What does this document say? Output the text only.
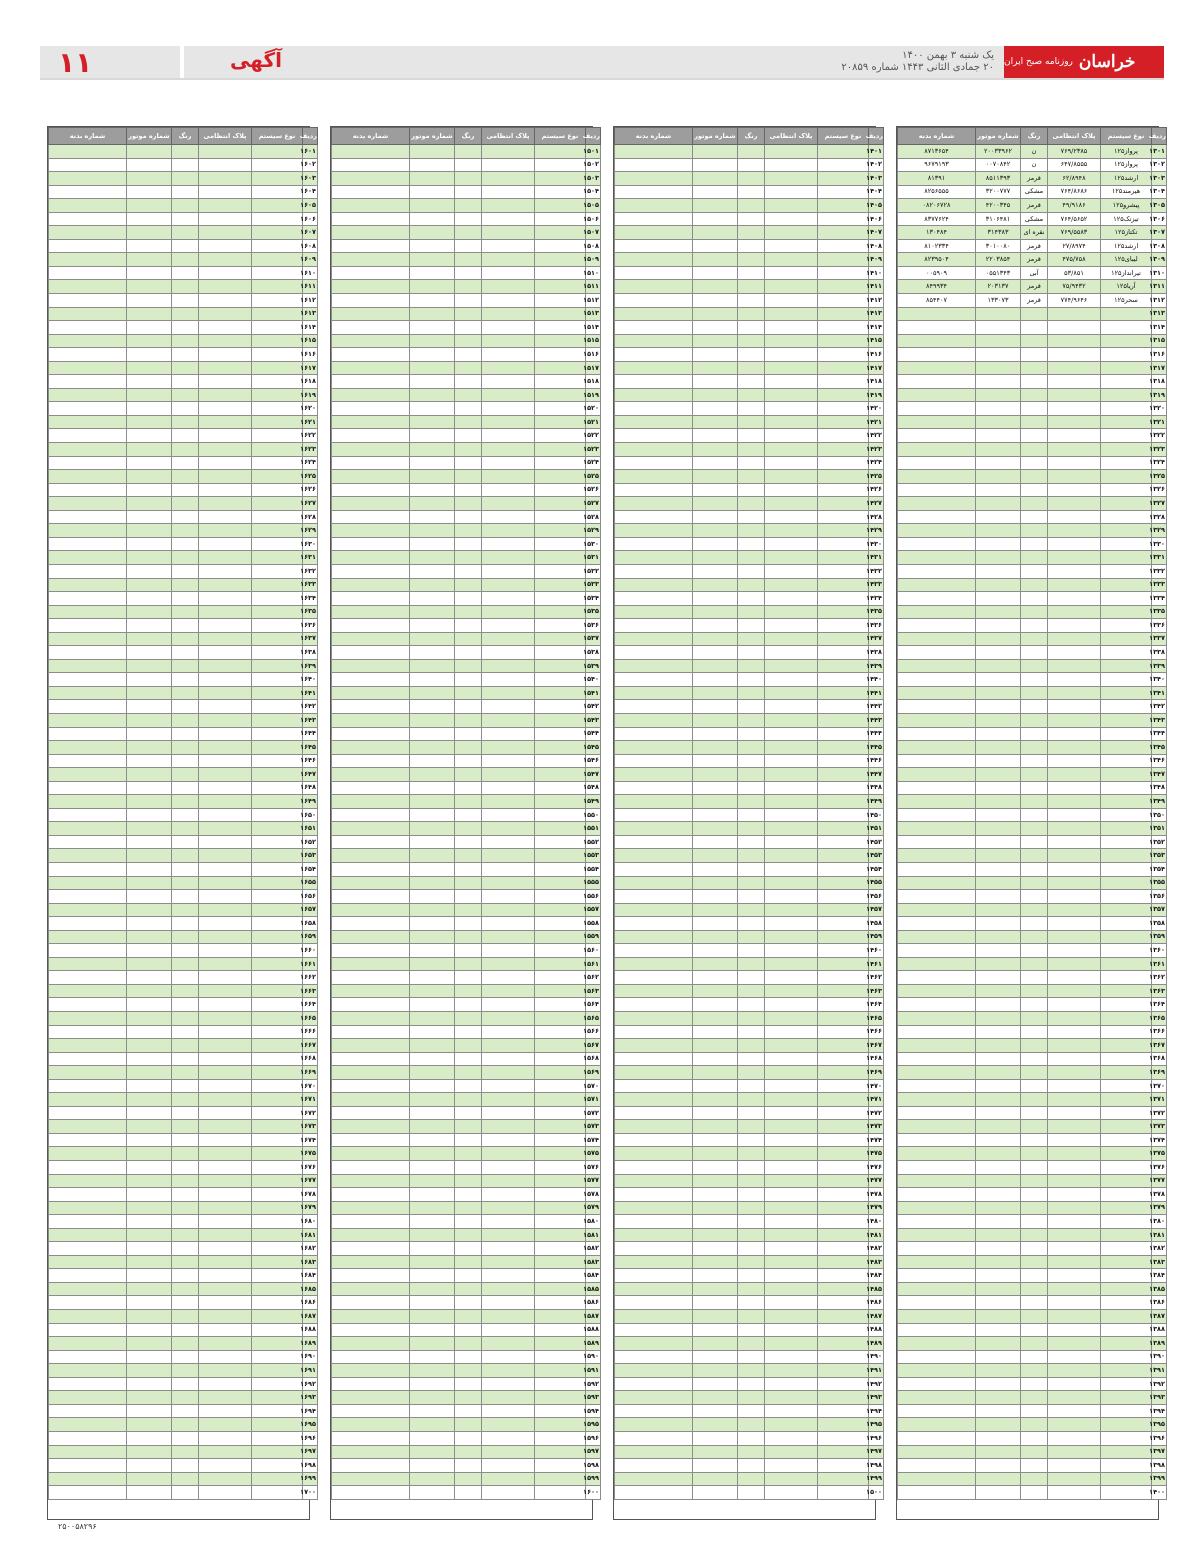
۱۱	آگهی	یک شنبه ۳ بهمن ۱۴۰۰
۲۰ جمادی الثانی ۱۴۴۳ شماره ۲۰۸۵۹	خراسان
روزنامه صبح ایران
ردیف	نوع سیستم	پلاک انتظامی	رنگ	شماره موتور	شماره بدنه
۱۳۰۱	پرواز۱۲۵	۷۶۹/۲۳۸۵	ن	۲۰۰۳۳۹۶۲	۸۷۱۳۶۵۴
۱۳۰۲	پرواز۱۲۵	۶۴۷/۸۵۵۵	ن	۰۰۷۰۸۴۲	۹۶۷۹۱۹۳
۱۳۰۳	ارشد۱۲۵	۶۲/۸۹۴۸	قرمز	۸۵۱۱۳۹۳	۸۱۳۹۱
۱۳۰۴	هیرمند۱۲۵	۷۶۴/۸۶۸۶	مشکی	۳۲۰۰۷۷۷	۸۲۵۶۵۵۵
۱۳۰۵	پیشرو۱۲۵	۴۹/۹۱۸۶	قرمز	۴۲۰۰۳۴۵	۰۸۲۰۶۷۲۸
۱۳۰۶	تیزتک۱۲۵	۷۶۴/۵۶۵۲	مشکی	۳۱۰۶۴۸۱	۸۳۷۷۶۲۴
۱۳۰۷	تکتاز۱۲۵	۷۶۹/۵۵۸۳	نقره ای	۳۱۴۳۸۳	۱۳۰۴۸۴
۱۳۰۸	ارشد۱۲۵	۲۷/۸۹۷۴	قرمز	۳۰۱۰۰۸۰	۸۱۰۲۳۳۴
۱۳۰۹	لیبای۱۲۵	۴۷۵/۷۵۸	قرمز	۲۲۰۳۸۵۴	۸۲۳۹۵۰۴
۱۳۱۰	تیرانداز۱۲۵	۵۳/۸۵۱	آبی	۰۵۵۱۳۴۳	۰۰۵۹۰۹
۱۳۱۱	آریا۱۲۵	۷۵/۹۴۳۲	قرمز	۲۰۳۱۳۷	۸۴۹۹۳۴
۱۳۱۲	سحر۱۲۵	۷۷۴/۹۶۴۶	قرمز	۱۳۳۰۷۳	۸۵۴۴۰۷
۱۳۱۳					
۱۳۱۴					
۱۳۱۵					
۱۳۱۶					
۱۳۱۷					
۱۳۱۸					
۱۳۱۹					
۱۳۲۰					
۱۳۲۱					
۱۳۲۲					
۱۳۲۳					
۱۳۲۴					
۱۳۲۵					
۱۳۲۶					
۱۳۲۷					
۱۳۲۸					
۱۳۲۹					
۱۳۳۰					
۱۳۳۱					
۱۳۳۲					
۱۳۳۳					
۱۳۳۴					
۱۳۳۵					
۱۳۳۶					
۱۳۳۷					
۱۳۳۸					
۱۳۳۹					
۱۳۴۰					
۱۳۴۱					
۱۳۴۲					
۱۳۴۳					
۱۳۴۴					
۱۳۴۵					
۱۳۴۶					
۱۳۴۷					
۱۳۴۸					
۱۳۴۹					
۱۳۵۰					
۱۳۵۱					
۱۳۵۲					
۱۳۵۳					
۱۳۵۴					
۱۳۵۵					
۱۳۵۶					
۱۳۵۷					
۱۳۵۸					
۱۳۵۹					
۱۳۶۰					
۱۳۶۱					
۱۳۶۲					
۱۳۶۳					
۱۳۶۴					
۱۳۶۵					
۱۳۶۶					
۱۳۶۷					
۱۳۶۸					
۱۳۶۹					
۱۳۷۰					
۱۳۷۱					
۱۳۷۲					
۱۳۷۳					
۱۳۷۴					
۱۳۷۵					
۱۳۷۶					
۱۳۷۷					
۱۳۷۸					
۱۳۷۹					
۱۳۸۰					
۱۳۸۱					
۱۳۸۲					
۱۳۸۳					
۱۳۸۴					
۱۳۸۵					
۱۳۸۶					
۱۳۸۷					
۱۳۸۸					
۱۳۸۹					
۱۳۹۰					
۱۳۹۱					
۱۳۹۲					
۱۳۹۳					
۱۳۹۴					
۱۳۹۵					
۱۳۹۶					
۱۳۹۷					
۱۳۹۸					
۱۳۹۹					
۱۴۰۰					
ردیف	نوع سیستم	پلاک انتظامی	رنگ	شماره موتور	شماره بدنه
۱۴۰۱					
۱۴۰۲					
۱۴۰۳					
۱۴۰۴					
۱۴۰۵					
۱۴۰۶					
۱۴۰۷					
۱۴۰۸					
۱۴۰۹					
۱۴۱۰					
۱۴۱۱					
۱۴۱۲					
۱۴۱۳					
۱۴۱۴					
۱۴۱۵					
۱۴۱۶					
۱۴۱۷					
۱۴۱۸					
۱۴۱۹					
۱۴۲۰					
۱۴۲۱					
۱۴۲۲					
۱۴۲۳					
۱۴۲۴					
۱۴۲۵					
۱۴۲۶					
۱۴۲۷					
۱۴۲۸					
۱۴۲۹					
۱۴۳۰					
۱۴۳۱					
۱۴۳۲					
۱۴۳۳					
۱۴۳۴					
۱۴۳۵					
۱۴۳۶					
۱۴۳۷					
۱۴۳۸					
۱۴۳۹					
۱۴۴۰					
۱۴۴۱					
۱۴۴۲					
۱۴۴۳					
۱۴۴۴					
۱۴۴۵					
۱۴۴۶					
۱۴۴۷					
۱۴۴۸					
۱۴۴۹					
۱۴۵۰					
۱۴۵۱					
۱۴۵۲					
۱۴۵۳					
۱۴۵۴					
۱۴۵۵					
۱۴۵۶					
۱۴۵۷					
۱۴۵۸					
۱۴۵۹					
۱۴۶۰					
۱۴۶۱					
۱۴۶۲					
۱۴۶۳					
۱۴۶۴					
۱۴۶۵					
۱۴۶۶					
۱۴۶۷					
۱۴۶۸					
۱۴۶۹					
۱۴۷۰					
۱۴۷۱					
۱۴۷۲					
۱۴۷۳					
۱۴۷۴					
۱۴۷۵					
۱۴۷۶					
۱۴۷۷					
۱۴۷۸					
۱۴۷۹					
۱۴۸۰					
۱۴۸۱					
۱۴۸۲					
۱۴۸۳					
۱۴۸۴					
۱۴۸۵					
۱۴۸۶					
۱۴۸۷					
۱۴۸۸					
۱۴۸۹					
۱۴۹۰					
۱۴۹۱					
۱۴۹۲					
۱۴۹۳					
۱۴۹۴					
۱۴۹۵					
۱۴۹۶					
۱۴۹۷					
۱۴۹۸					
۱۴۹۹					
۱۵۰۰					
ردیف	نوع سیستم	پلاک انتظامی	رنگ	شماره موتور	شماره بدنه
۱۵۰۱					
۱۵۰۲					
۱۵۰۳					
۱۵۰۴					
۱۵۰۵					
۱۵۰۶					
۱۵۰۷					
۱۵۰۸					
۱۵۰۹					
۱۵۱۰					
۱۵۱۱					
۱۵۱۲					
۱۵۱۳					
۱۵۱۴					
۱۵۱۵					
۱۵۱۶					
۱۵۱۷					
۱۵۱۸					
۱۵۱۹					
۱۵۲۰					
۱۵۲۱					
۱۵۲۲					
۱۵۲۳					
۱۵۲۴					
۱۵۲۵					
۱۵۲۶					
۱۵۲۷					
۱۵۲۸					
۱۵۲۹					
۱۵۳۰					
۱۵۳۱					
۱۵۳۲					
۱۵۳۳					
۱۵۳۴					
۱۵۳۵					
۱۵۳۶					
۱۵۳۷					
۱۵۳۸					
۱۵۳۹					
۱۵۴۰					
۱۵۴۱					
۱۵۴۲					
۱۵۴۳					
۱۵۴۴					
۱۵۴۵					
۱۵۴۶					
۱۵۴۷					
۱۵۴۸					
۱۵۴۹					
۱۵۵۰					
۱۵۵۱					
۱۵۵۲					
۱۵۵۳					
۱۵۵۴					
۱۵۵۵					
۱۵۵۶					
۱۵۵۷					
۱۵۵۸					
۱۵۵۹					
۱۵۶۰					
۱۵۶۱					
۱۵۶۲					
۱۵۶۳					
۱۵۶۴					
۱۵۶۵					
۱۵۶۶					
۱۵۶۷					
۱۵۶۸					
۱۵۶۹					
۱۵۷۰					
۱۵۷۱					
۱۵۷۲					
۱۵۷۳					
۱۵۷۴					
۱۵۷۵					
۱۵۷۶					
۱۵۷۷					
۱۵۷۸					
۱۵۷۹					
۱۵۸۰					
۱۵۸۱					
۱۵۸۲					
۱۵۸۳					
۱۵۸۴					
۱۵۸۵					
۱۵۸۶					
۱۵۸۷					
۱۵۸۸					
۱۵۸۹					
۱۵۹۰					
۱۵۹۱					
۱۵۹۲					
۱۵۹۳					
۱۵۹۴					
۱۵۹۵					
۱۵۹۶					
۱۵۹۷					
۱۵۹۸					
۱۵۹۹					
۱۶۰۰					
ردیف	نوع سیستم	پلاک انتظامی	رنگ	شماره موتور	شماره بدنه
۱۶۰۱					
۱۶۰۲					
۱۶۰۳					
۱۶۰۴					
۱۶۰۵					
۱۶۰۶					
۱۶۰۷					
۱۶۰۸					
۱۶۰۹					
۱۶۱۰					
۱۶۱۱					
۱۶۱۲					
۱۶۱۳					
۱۶۱۴					
۱۶۱۵					
۱۶۱۶					
۱۶۱۷					
۱۶۱۸					
۱۶۱۹					
۱۶۲۰					
۱۶۲۱					
۱۶۲۲					
۱۶۲۳					
۱۶۲۴					
۱۶۲۵					
۱۶۲۶					
۱۶۲۷					
۱۶۲۸					
۱۶۲۹					
۱۶۳۰					
۱۶۳۱					
۱۶۳۲					
۱۶۳۳					
۱۶۳۴					
۱۶۳۵					
۱۶۳۶					
۱۶۳۷					
۱۶۳۸					
۱۶۳۹					
۱۶۴۰					
۱۶۴۱					
۱۶۴۲					
۱۶۴۳					
۱۶۴۴					
۱۶۴۵					
۱۶۴۶					
۱۶۴۷					
۱۶۴۸					
۱۶۴۹					
۱۶۵۰					
۱۶۵۱					
۱۶۵۲					
۱۶۵۳					
۱۶۵۴					
۱۶۵۵					
۱۶۵۶					
۱۶۵۷					
۱۶۵۸					
۱۶۵۹					
۱۶۶۰					
۱۶۶۱					
۱۶۶۲					
۱۶۶۳					
۱۶۶۴					
۱۶۶۵					
۱۶۶۶					
۱۶۶۷					
۱۶۶۸					
۱۶۶۹					
۱۶۷۰					
۱۶۷۱					
۱۶۷۲					
۱۶۷۳					
۱۶۷۴					
۱۶۷۵					
۱۶۷۶					
۱۶۷۷					
۱۶۷۸					
۱۶۷۹					
۱۶۸۰					
۱۶۸۱					
۱۶۸۲					
۱۶۸۳					
۱۶۸۴					
۱۶۸۵					
۱۶۸۶					
۱۶۸۷					
۱۶۸۸					
۱۶۸۹					
۱۶۹۰					
۱۶۹۱					
۱۶۹۲					
۱۶۹۳					
۱۶۹۴					
۱۶۹۵					
۱۶۹۶					
۱۶۹۷					
۱۶۹۸					
۱۶۹۹					
۱۷۰۰					
۲۵۰۰۵۸۲۹۶
